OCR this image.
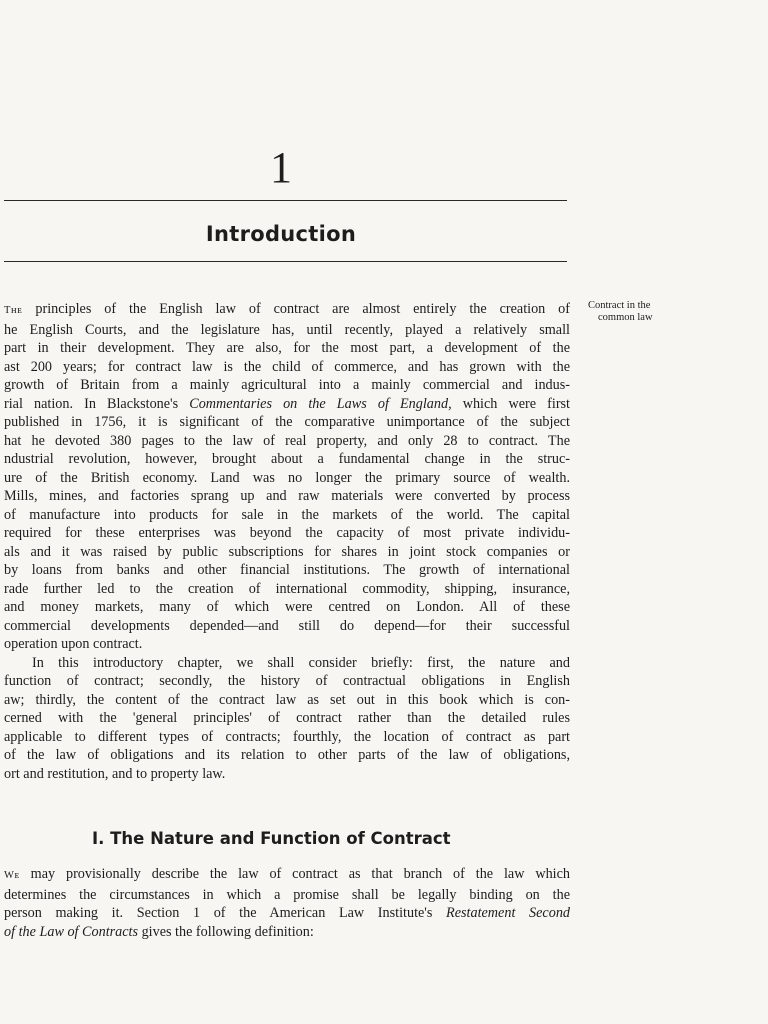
1
Introduction
Contract in the
common law
Tʜᴇ principles of the English law of contract are almost entirely the creation of
he English Courts, and the legislature has, until recently, played a relatively small
part in their development. They are also, for the most part, a development of the
ast 200 years; for contract law is the child of commerce, and has grown with the
growth of Britain from a mainly agricultural into a mainly commercial and indus-
rial nation. In Blackstone's Commentaries on the Laws of England, which were first
published in 1756, it is significant of the comparative unimportance of the subject
hat he devoted 380 pages to the law of real property, and only 28 to contract. The
ndustrial revolution, however, brought about a fundamental change in the struc-
ure of the British economy. Land was no longer the primary source of wealth.
Mills, mines, and factories sprang up and raw materials were converted by process
of manufacture into products for sale in the markets of the world. The capital
required for these enterprises was beyond the capacity of most private individu-
als and it was raised by public subscriptions for shares in joint stock companies or
by loans from banks and other financial institutions. The growth of international
rade further led to the creation of international commodity, shipping, insurance,
and money markets, many of which were centred on London. All of these
commercial developments depended—and still do depend—for their successful
operation upon contract.
In this introductory chapter, we shall consider briefly: first, the nature and
function of contract; secondly, the history of contractual obligations in English
aw; thirdly, the content of the contract law as set out in this book which is con-
cerned with the 'general principles' of contract rather than the detailed rules
applicable to different types of contracts; fourthly, the location of contract as part
of the law of obligations and its relation to other parts of the law of obligations,
ort and restitution, and to property law.
I. The Nature and Function of Contract
Wᴇ may provisionally describe the law of contract as that branch of the law which
determines the circumstances in which a promise shall be legally binding on the
person making it. Section 1 of the American Law Institute's Restatement Second
of the Law of Contracts gives the following definition:
